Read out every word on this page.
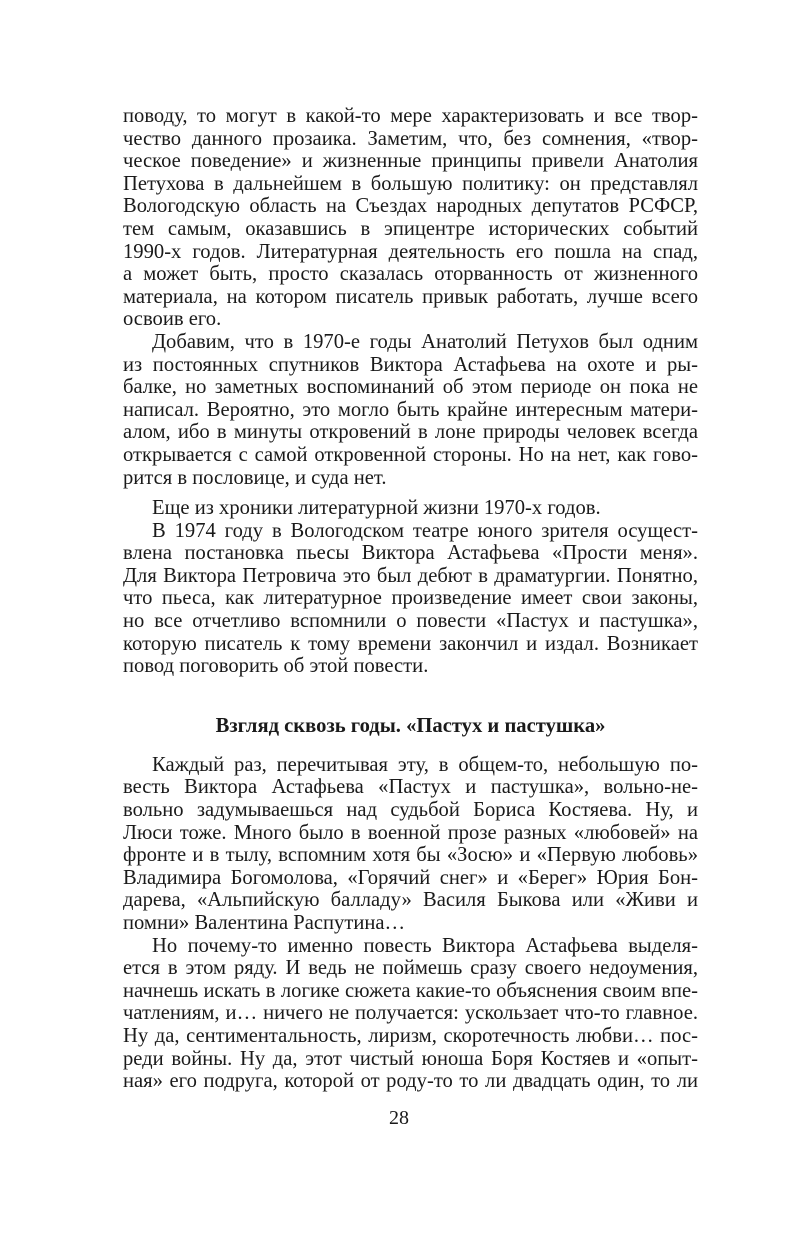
поводу, то могут в какой-то мере характеризовать и все твор-
чество данного прозаика. Заметим, что, без сомнения, «твор-
ческое поведение» и жизненные принципы привели Анатолия
Петухова в дальнейшем в большую политику: он представлял
Вологодскую область на Съездах народных депутатов РСФСР,
тем самым, оказавшись в эпицентре исторических событий
1990-х годов. Литературная деятельность его пошла на спад,
а может быть, просто сказалась оторванность от жизненного
материала, на котором писатель привык работать, лучше всего
освоив его.
Добавим, что в 1970-е годы Анатолий Петухов был одним
из постоянных спутников Виктора Астафьева на охоте и ры-
балке, но заметных воспоминаний об этом периоде он пока не
написал. Вероятно, это могло быть крайне интересным матери-
алом, ибо в минуты откровений в лоне природы человек всегда
открывается с самой откровенной стороны. Но на нет, как гово-
рится в пословице, и суда нет.
Еще из хроники литературной жизни 1970-х годов.
В 1974 году в Вологодском театре юного зрителя осущест-
влена постановка пьесы Виктора Астафьева «Прости меня».
Для Виктора Петровича это был дебют в драматургии. Понятно,
что пьеса, как литературное произведение имеет свои законы,
но все отчетливо вспомнили о повести «Пастух и пастушка»,
которую писатель к тому времени закончил и издал. Возникает
повод поговорить об этой повести.
Взгляд сквозь годы. «Пастух и пастушка»
Каждый раз, перечитывая эту, в общем-то, небольшую по-
весть Виктора Астафьева «Пастух и пастушка», вольно-не-
вольно задумываешься над судьбой Бориса Костяева. Ну, и
Люси тоже. Много было в военной прозе разных «любовей» на
фронте и в тылу, вспомним хотя бы «Зосю» и «Первую любовь»
Владимира Богомолова, «Горячий снег» и «Берег» Юрия Бон-
дарева, «Альпийскую балладу» Василя Быкова или «Живи и
помни» Валентина Распутина…
Но почему-то именно повесть Виктора Астафьева выделя-
ется в этом ряду. И ведь не поймешь сразу своего недоумения,
начнешь искать в логике сюжета какие-то объяснения своим впе-
чатлениям, и… ничего не получается: ускользает что-то главное.
Ну да, сентиментальность, лиризм, скоротечность любви… пос-
реди войны. Ну да, этот чистый юноша Боря Костяев и «опыт-
ная» его подруга, которой от роду-то то ли двадцать один, то ли
28
